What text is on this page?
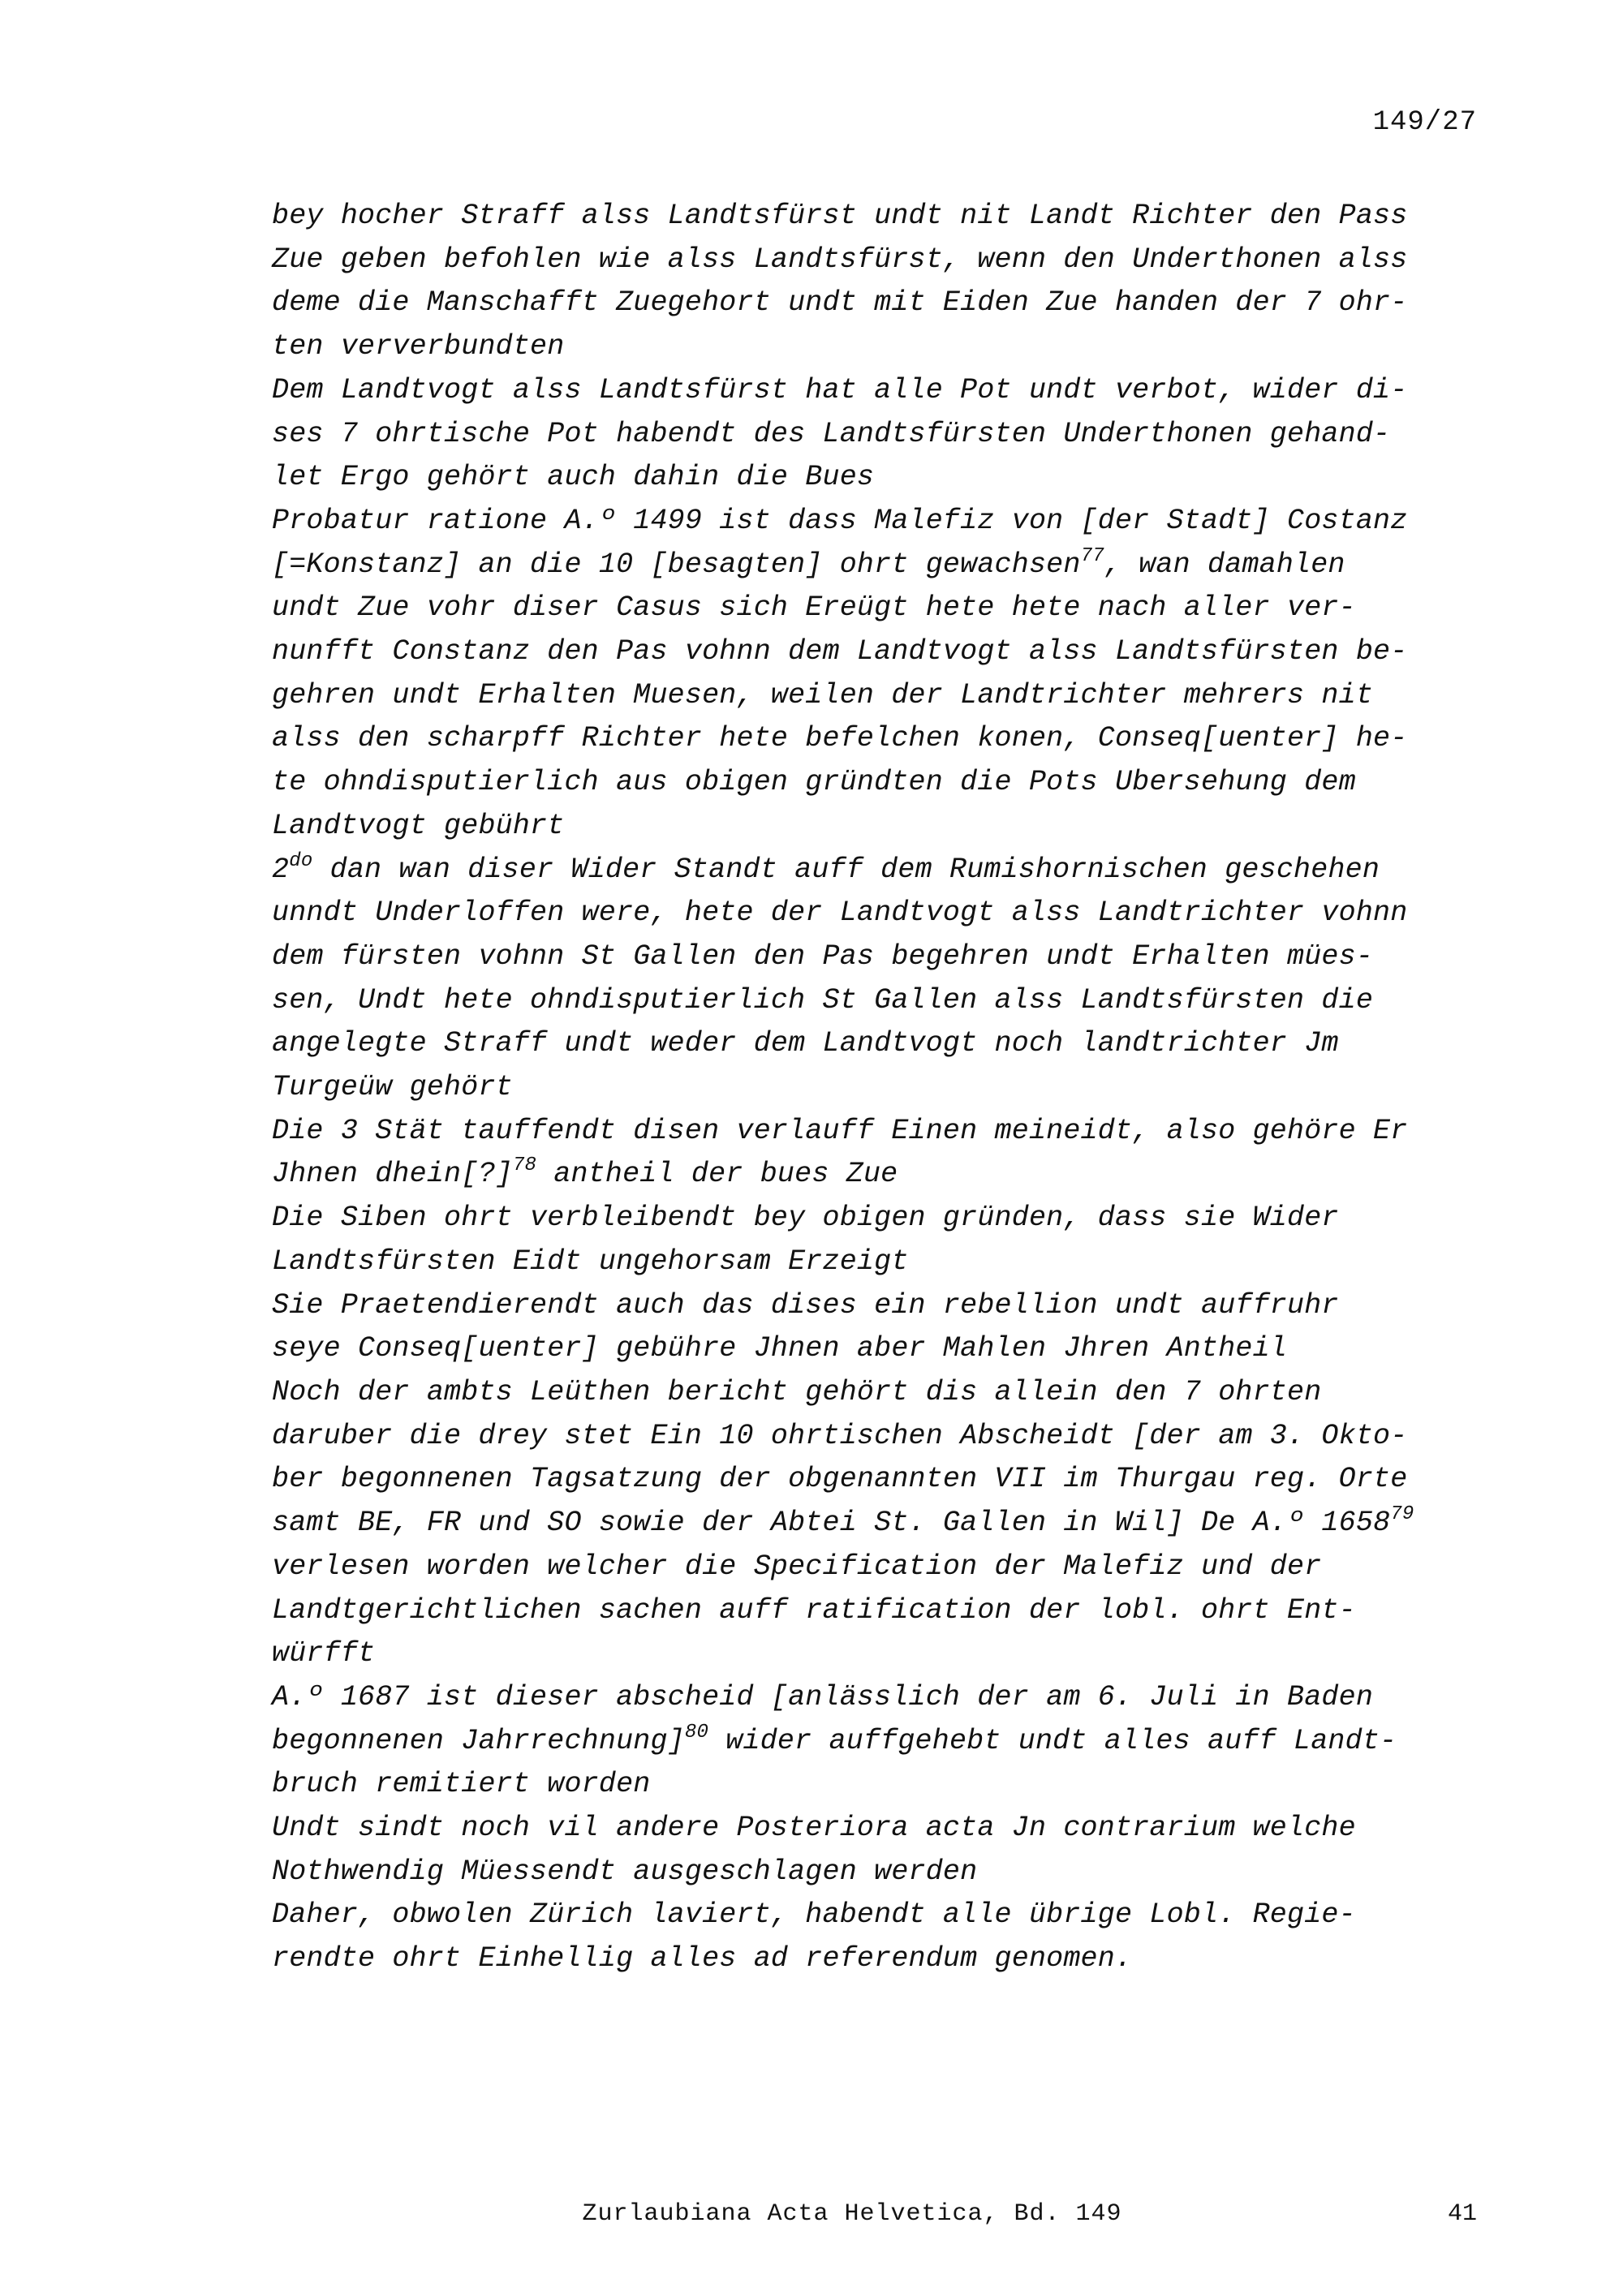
149/27
bey hocher Straff alss Landtsfürst undt nit Landt Richter den Pass
Zue geben befohlen wie alss Landtsfürst, wenn den Underthonen alss
deme die Manschafft Zuegehort undt mit Eiden Zue handen der 7 ohr-
ten ververbundten
Dem Landtvogt alss Landtsfürst hat alle Pot undt verbot, wider di-
ses 7 ohrtische Pot habendt des Landtsfürsten Underthonen gehand-
let Ergo gehört auch dahin die Bues
Probatur ratione A.º 1499 ist dass Malefiz von [der Stadt] Costanz
[=Konstanz] an die 10 [besagten] ohrt gewachsen$^{77}$, wan damahlen
undt Zue vohr diser Casus sich Ereügt hete hete nach aller ver-
nunfft Constanz den Pas vohnn dem Landtvogt alss Landtsfürsten be-
gehren undt Erhalten Muesen, weilen der Landtrichter mehrers nit
alss den scharpff Richter hete befelchen konen, Conseq[uenter] he-
te ohndisputierlich aus obigen gründten die Pots Ubersehung dem
Landtvogt gebührt
$2^{do}$ dan wan diser Wider Standt auff dem Rumishornischen geschehen
unndt Underloffen were, hete der Landtvogt alss Landtrichter vohnn
dem fürsten vohnn St Gallen den Pas begehren undt Erhalten mües-
sen, Undt hete ohndisputierlich St Gallen alss Landtsfürsten die
angelegte Straff undt weder dem Landtvogt noch landtrichter Jm
Turgeüw gehört
Die 3 Stät tauffendt disen verlauff Einen meineidt, also gehöre Er
Jhnen dhein[?]$^{78}$ antheil der bues Zue
Die Siben ohrt verbleibendt bey obigen gründen, dass sie Wider
Landtsfürsten Eidt ungehorsam Erzeigt
Sie Praetendierendt auch das dises ein rebellion undt auffruhr
seye Conseq[uenter] gebühre Jhnen aber Mahlen Jhren Antheil
Noch der ambts Leüthen bericht gehört dis allein den 7 ohrten
daruber die drey stet Ein 10 ohrtischen Abscheidt [der am 3. Okto-
ber begonnenen Tagsatzung der obgenannten VII im Thurgau reg. Orte
samt BE, FR und SO sowie der Abtei St. Gallen in Wil] De A.º 1658$^{79}$
verlesen worden welcher die Specification der Malefiz und der
Landtgerichtlichen sachen auff ratification der lobl. ohrt Ent-
würfft
A.º 1687 ist dieser abscheid [anlässlich der am 6. Juli in Baden
begonnenen Jahrrechnung]$^{80}$ wider auffgehebt undt alles auff Landt-
bruch remitiert worden
Undt sindt noch vil andere Posteriora acta Jn contrarium welche
Nothwendig Müessendt ausgeschlagen werden
Daher, obwolen Zürich laviert, habendt alle übrige Lobl. Regie-
rendte ohrt Einhellig alles ad referendum genomen.
Zurlaubiana Acta Helvetica, Bd. 149	41
